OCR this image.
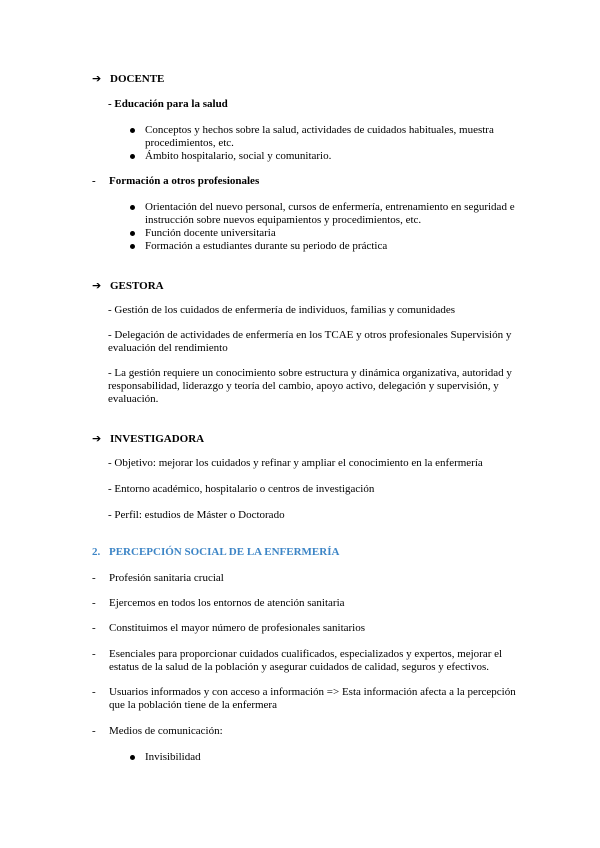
➔ DOCENTE
- Educación para la salud
Conceptos y hechos sobre la salud, actividades de cuidados habituales, muestra procedimientos, etc.
Ámbito hospitalario, social y comunitario.
- Formación a otros profesionales
Orientación del nuevo personal, cursos de enfermería, entrenamiento en seguridad e instrucción sobre nuevos equipamientos y procedimientos, etc.
Función docente universitaria
Formación a estudiantes durante su periodo de práctica
➔ GESTORA
- Gestión de los cuidados de enfermería de individuos, familias y comunidades
- Delegación de actividades de enfermería en los TCAE y otros profesionales Supervisión y evaluación del rendimiento
- La gestión requiere un conocimiento sobre estructura y dinámica organizativa, autoridad y responsabilidad, liderazgo y teoría del cambio, apoyo activo, delegación y supervisión, y evaluación.
➔ INVESTIGADORA
- Objetivo: mejorar los cuidados y refinar y ampliar el conocimiento en la enfermería
- Entorno académico, hospitalario o centros de investigación
- Perfil: estudios de Máster o Doctorado
2. PERCEPCIÓN SOCIAL DE LA ENFERMERÍA
- Profesión sanitaria crucial
- Ejercemos en todos los entornos de atención sanitaria
- Constituimos el mayor número de profesionales sanitarios
- Esenciales para proporcionar cuidados cualificados, especializados y expertos, mejorar el estatus de la salud de la población y asegurar cuidados de calidad, seguros y efectivos.
- Usuarios informados y con acceso a información => Esta información afecta a la percepción que la población tiene de la enfermera
- Medios de comunicación:
Invisibilidad
